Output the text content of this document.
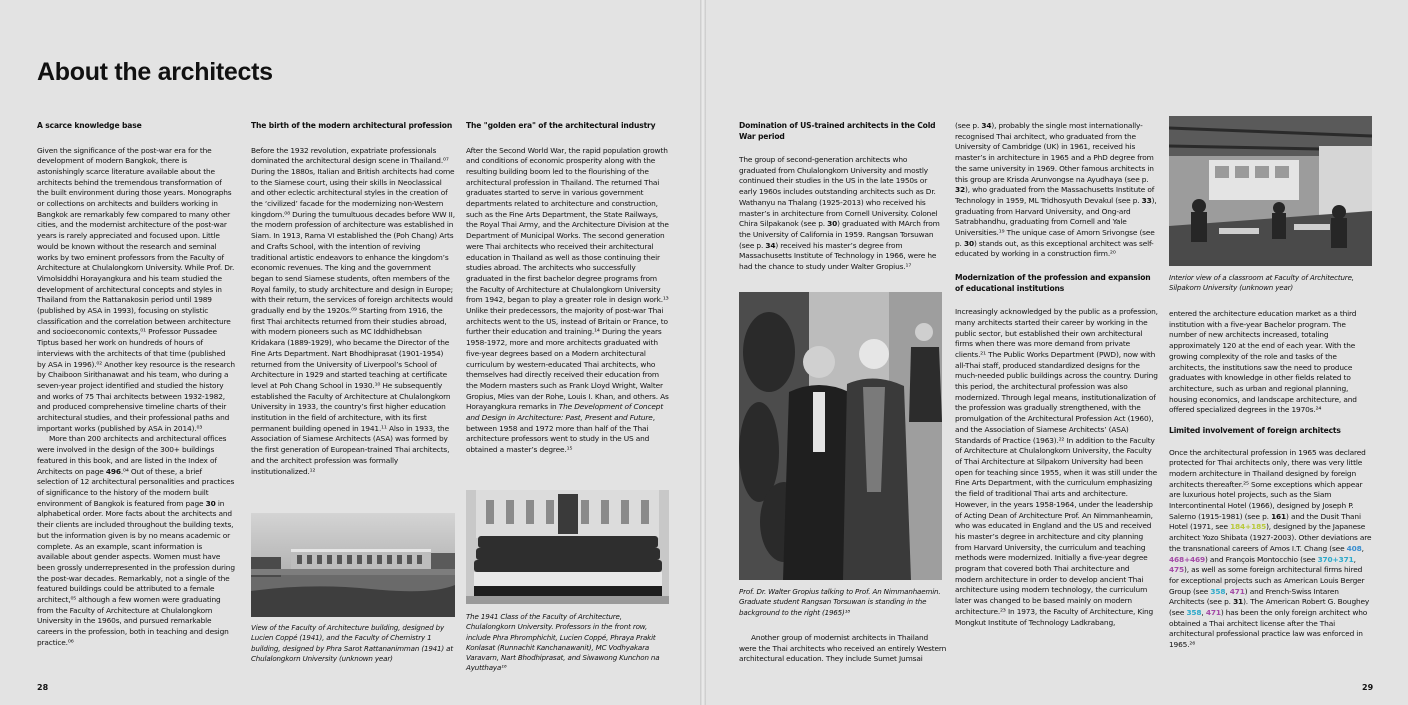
About the architects
A scarce knowledge base

Given the significance of the post-war era for the development of modern Bangkok, there is astonishingly scarce literature available about the architects behind the tremendous transformation of the built environment during those years. Monographs or collections on architects and builders working in Bangkok are remarkably few compared to many other cities, and the modernist architecture of the post-war years is rarely appreciated and focused upon. Little would be known without the research and seminal works by two eminent professors from the Faculty of Architecture at Chulalongkorn University. While Prof. Dr. Vimolsiddhi Horayangkura and his team studied the development of architectural concepts and styles in Thailand from the Rattanakosin period until 1989 (published by ASA in 1993), focusing on stylistic classification and the correlation between architecture and socioeconomic contexts,⁰¹ Professor Pussadee Tiptus based her work on hundreds of hours of interviews with the architects of that time (published by ASA in 1996).⁰² Another key resource is the research by Chaiboon Sirithanawat and his team, who during a seven-year project identified and studied the history and works of 75 Thai architects between 1932-1982, and produced comprehensive timeline charts of their architectural studies, and their professional paths and important works (published by ASA in 2014).⁰³

More than 200 architects and architectural offices were involved in the design of the 300+ buildings featured in this book, and are listed in the Index of Architects on page 496.⁰⁴ Out of these, a brief selection of 12 architectural personalities and practices of significance to the history of the modern built environment of Bangkok is featured from page 30 in alphabetical order. More facts about the architects and their clients are included throughout the building texts, but the information given is by no means academic or complete. As an example, scant information is available about gender aspects. Women must have been grossly underrepresented in the profession during the post-war decades. Remarkably, not a single of the featured buildings could be attributed to a female architect,⁰⁵ although a few women were graduating from the Faculty of Architecture at Chulalongkorn University in the 1960s, and pursued remarkable careers in the profession, both in teaching and design practice.⁰⁶

The birth of the modern architectural profession

Before the 1932 revolution, expatriate professionals dominated the architectural design scene in Thailand.⁰⁷ During the 1880s, Italian and British architects had come to the Siamese court, using their skills in Neoclassical and other eclectic architectural styles in the creation of the ‘civilized’ facade for the modernizing non-Western kingdom.⁰⁸ During the tumultuous decades before WW II, the modern profession of architecture was established in Siam. In 1913, Rama VI established the (Poh Chang) Arts and Crafts School, with the intention of reviving traditional artistic endeavors to enhance the kingdom’s economic revenues. The king and the government began to send Siamese students, often members of the Royal family, to study architecture and design in Europe; with their return, the services of foreign architects would gradually end by the 1920s.⁰⁹ Starting from 1916, the first Thai architects returned from their studies abroad, with modern pioneers such as MC Iddhidhebsan Kridakara (1889-1929), who became the Director of the Fine Arts Department. Nart Bhodhiprasat (1901-1954) returned from the University of Liverpool’s School of Architecture in 1929 and started teaching at certificate level at Poh Chang School in 1930.¹⁰ He subsequently established the Faculty of Architecture at Chulalongkorn University in 1933, the country’s first higher education institution in the field of architecture, with its first permanent building opened in 1941.¹¹ Also in 1933, the Association of Siamese Architects (ASA) was formed by the first generation of European-trained Thai architects, and the architect profession was formally institutionalized.¹²

View of the Faculty of Architecture building, designed by Lucien Coppé (1941), and the Faculty of Chemistry 1 building, designed by Phra Sarot Rattananimman (1941) at Chulalongkorn University (unknown year)
The "golden era" of the architectural industry

After the Second World War, the rapid population growth and conditions of economic prosperity along with the resulting building boom led to the flourishing of the architectural profession in Thailand. The returned Thai graduates started to serve in various government departments related to architecture and construction, such as the Fine Arts Department, the State Railways, the Royal Thai Army, and the Architecture Division at the Department of Municipal Works. The second generation were Thai architects who received their architectural education in Thailand as well as those continuing their studies abroad. The architects who successfully graduated in the first bachelor degree programs from the Faculty of Architecture at Chulalongkorn University from 1942, began to play a greater role in design work.¹³ Unlike their predecessors, the majority of post-war Thai architects went to the US, instead of Britain or France, to further their education and training.¹⁴ During the years 1958-1972, more and more architects graduated with five-year degrees based on a Modern architectural curriculum by western-educated Thai architects, who themselves had directly received their education from the Modern masters such as Frank Lloyd Wright, Walter Gropius, Mies van der Rohe, Louis I. Khan, and others. As Horayangkura remarks in The Development of Concept and Design in Architecture: Past, Present and Future, between 1958 and 1972 more than half of the Thai architecture professors went to study in the US and obtained a master’s degree.¹⁵

The 1941 Class of the Faculty of Architecture, Chulalongkorn University. Professors in the front row, include Phra Phromphichit, Lucien Coppé, Phraya Prakit Konlasat (Runnachit Kanchanawanit), MC Vodhyakara Varavarn, Nart Bhodhiprasat, and Siwawong Kunchon na Ayutthaya¹⁶
Domination of US-trained architects in the Cold War period

The group of second-generation architects who graduated from Chulalongkorn University and mostly continued their studies in the US in the late 1950s or early 1960s includes outstanding architects such as Dr. Wathanyu na Thalang (1925-2013) who received his master’s in architecture from Cornell University. Colonel Chira Silpakanok (see p. 30) graduated with MArch from the University of California in 1959. Rangsan Torsuwan (see p. 34) received his master’s degree from Massachusetts Institute of Technology in 1966, were he had the chance to study under Walter Gropius.¹⁷

Prof. Dr. Walter Gropius talking to Prof. An Nimmanhaemin. Graduate student Rangsan Torsuwan is standing in the background to the right (1965)¹⁸

Another group of modernist architects in Thailand were the Thai architects who received an entirely Western architectural education. They include Sumet Jumsai

(see p. 34), probably the single most internationally-recognised Thai architect, who graduated from the University of Cambridge (UK) in 1961, received his master’s in architecture in 1965 and a PhD degree from the same university in 1969. Other famous architects in this group are Krisda Arunvongse na Ayudhaya (see p. 32), who graduated from the Massachusetts Institute of Technology in 1959, ML Tridhosyuth Devakul (see p. 33), graduating from Harvard University, and Ong-ard Satrabhandhu, graduating from Cornell and Yale Universities.¹⁹ The unique case of Amorn Srivongse (see p. 30) stands out, as this exceptional architect was self-educated by working in a construction firm.²⁰

Modernization of the profession and expansion of educational institutions

Increasingly acknowledged by the public as a profession, many architects started their career by working in the public sector, but established their own architectural firms when there was more demand from private clients.²¹ The Public Works Department (PWD), now with all-Thai staff, produced standardized designs for the much-needed public buildings across the country. During this period, the architectural profession was also modernized. Through legal means, institutionalization of the profession was gradually strengthened, with the promulgation of the Architectural Profession Act (1960), and the Association of Siamese Architects’ (ASA) Standards of Practice (1963).²² In addition to the Faculty of Architecture at Chulalongkorn University, the Faculty of Thai Architecture at Silpakorn University had been open for teaching since 1955, when it was still under the Fine Arts Department, with the curriculum emphasizing the field of traditional Thai arts and architecture. However, in the years 1958-1964, under the leadership of Acting Dean of Architecture Prof. An Nimmanheamin, who was educated in England and the US and received his master’s degree in architecture and city planning from Harvard University, the curriculum and teaching methods were modernized. Initially a five-year degree program that covered both Thai architecture and modern architecture in order to develop ancient Thai architecture using modern technology, the curriculum later was changed to be based mainly on modern architecture.²³ In 1973, the Faculty of Architecture, King Mongkut Institute of Technology Ladkrabang,

Interior view of a classroom at Faculty of Architecture, Silpakorn University (unknown year)

entered the architecture education market as a third institution with a five-year Bachelor program. The number of new architects increased, totaling approximately 120 at the end of each year. With the growing complexity of the role and tasks of the architects, the institutions saw the need to produce graduates with knowledge in other fields related to architecture, such as urban and regional planning, housing economics, and landscape architecture, and offered specialized degrees in the 1970s.²⁴

Limited involvement of foreign architects

Once the architectural profession in 1965 was declared protected for Thai architects only, there was very little modern architecture in Thailand designed by foreign architects thereafter.²⁵ Some exceptions which appear are luxurious hotel projects, such as the Siam Intercontinental Hotel (1966), designed by Joseph P. Salerno (1915-1981) (see p. 161) and the Dusit Thani Hotel (1971, see 184+185), designed by the Japanese architect Yozo Shibata (1927-2003). Other deviations are the transnational careers of Amos I.T. Chang (see 408, 468+469) and François Montocchio (see 370+371, 475), as well as some foreign architectural firms hired for exceptional projects such as American Louis Berger Group (see 358, 471) and French-Swiss Intaren Architects (see p. 31). The American Robert G. Boughey (see 358, 471) has been the only foreign architect who obtained a Thai architect license after the Thai architectural professional practice law was enforced in 1965.²⁶

28	29
